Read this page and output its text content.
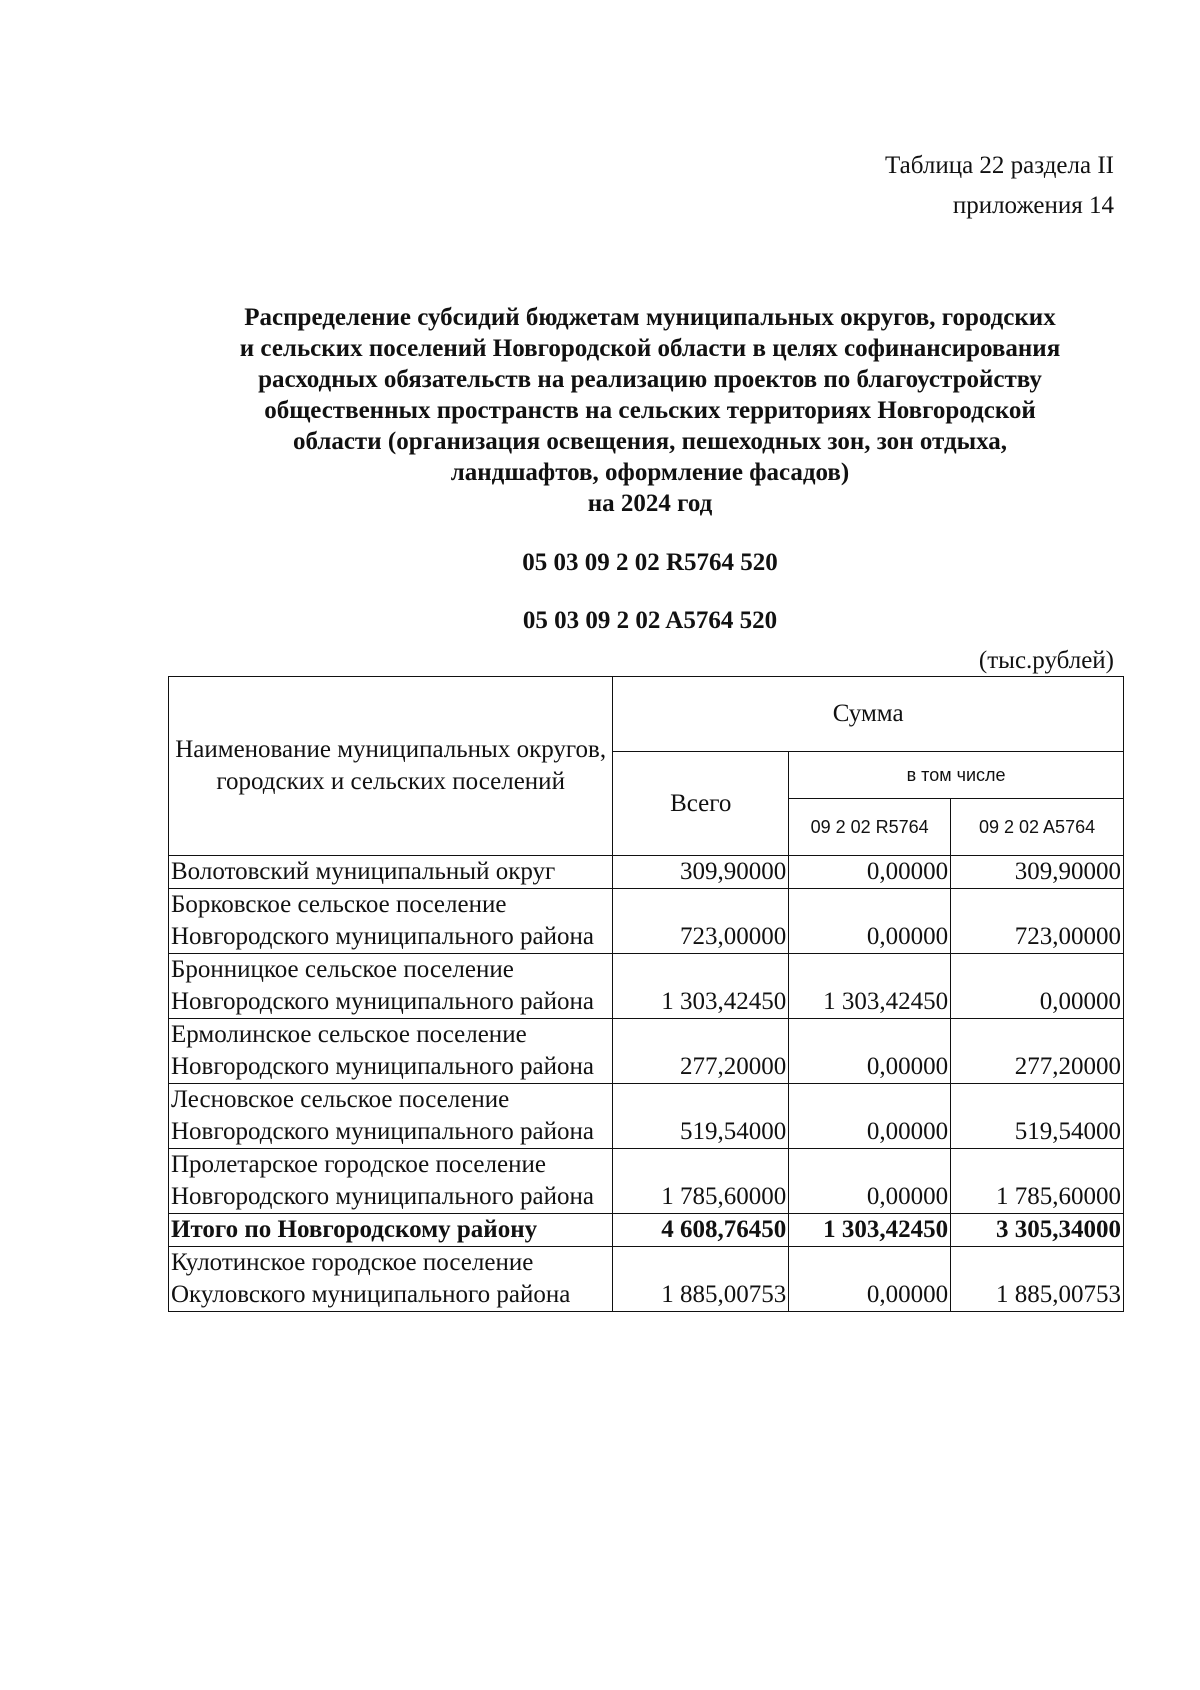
Таблица 22 раздела II
приложения 14
Распределение субсидий бюджетам муниципальных округов, городских
и сельских поселений Новгородской области в целях софинансирования
расходных обязательств на реализацию проектов по благоустройству
общественных пространств на сельских территориях Новгородской
области (организация освещения, пешеходных зон, зон отдыха,
ландшафтов, оформление фасадов)
на 2024 год
05 03 09 2 02 R5764 520
05 03 09 2 02 A5764 520
(тыс.рублей)
Наименование муниципальных округов, городских и сельских поселений	Сумма		
	Всего	в том числе	
		09 2 02 R5764	09 2 02 A5764
Волотовский муниципальный округ	309,90000	0,00000	309,90000
Борковское сельское поселение Новгородского муниципального района	723,00000	0,00000	723,00000
Бронницкое сельское поселение Новгородского муниципального района	1 303,42450	1 303,42450	0,00000
Ермолинское сельское поселение Новгородского муниципального района	277,20000	0,00000	277,20000
Лесновское сельское поселение Новгородского муниципального района	519,54000	0,00000	519,54000
Пролетарское городское поселение Новгородского муниципального района	1 785,60000	0,00000	1 785,60000
Итого по Новгородскому району	4 608,76450	1 303,42450	3 305,34000
Кулотинское городское поселение Окуловского муниципального района	1 885,00753	0,00000	1 885,00753
